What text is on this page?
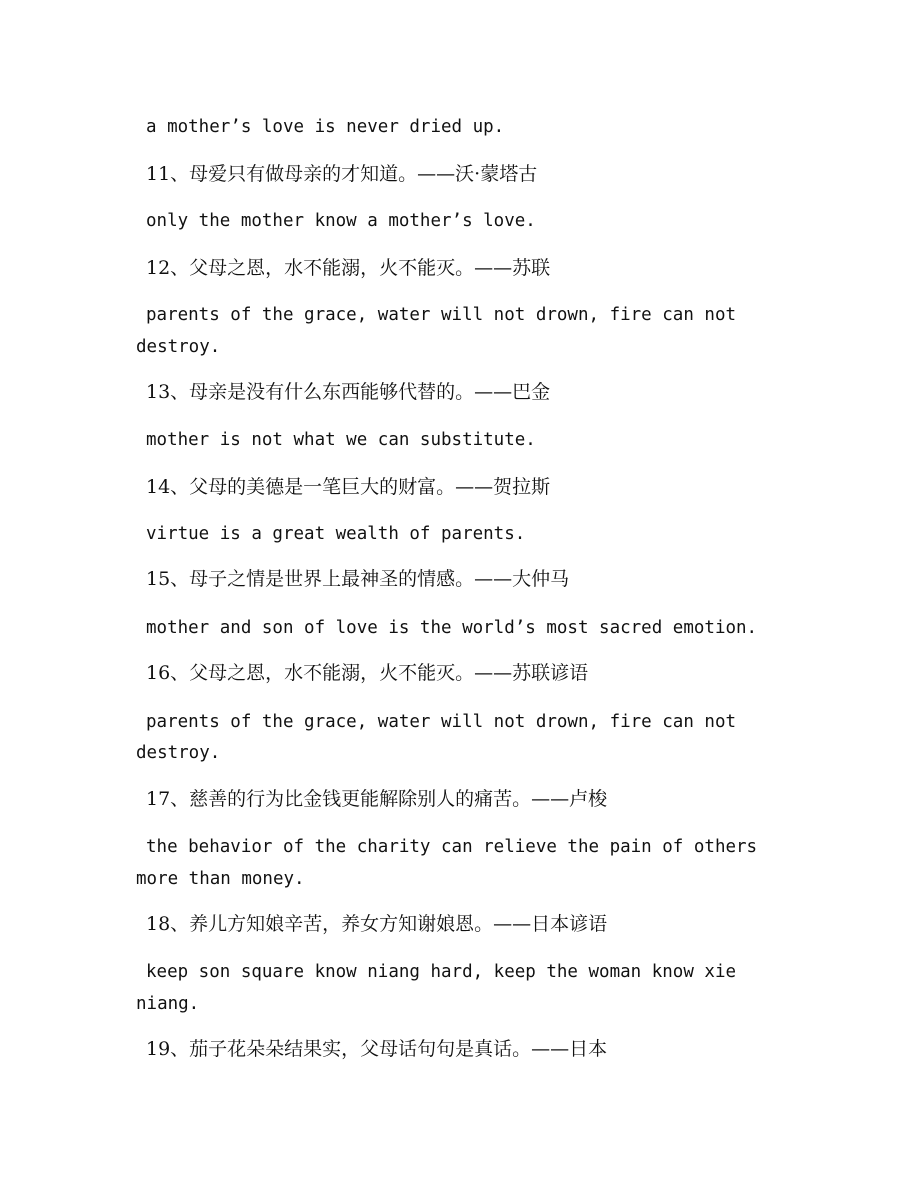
a mother’s love is never dried up.
11、母爱只有做母亲的才知道。——沃·蒙塔古
only the mother know a mother’s love.
12、父母之恩，水不能溺，火不能灭。——苏联
parents of the grace, water will not drown, fire can not
destroy.
13、母亲是没有什么东西能够代替的。——巴金
mother is not what we can substitute.
14、父母的美德是一笔巨大的财富。——贺拉斯
virtue is a great wealth of parents.
15、母子之情是世界上最神圣的情感。——大仲马
mother and son of love is the world’s most sacred emotion.
16、父母之恩，水不能溺，火不能灭。——苏联谚语
parents of the grace, water will not drown, fire can not
destroy.
17、慈善的行为比金钱更能解除别人的痛苦。——卢梭
the behavior of the charity can relieve the pain of others
more than money.
18、养儿方知娘辛苦，养女方知谢娘恩。——日本谚语
keep son square know niang hard, keep the woman know xie
niang.
19、茄子花朵朵结果实，父母话句句是真话。——日本
